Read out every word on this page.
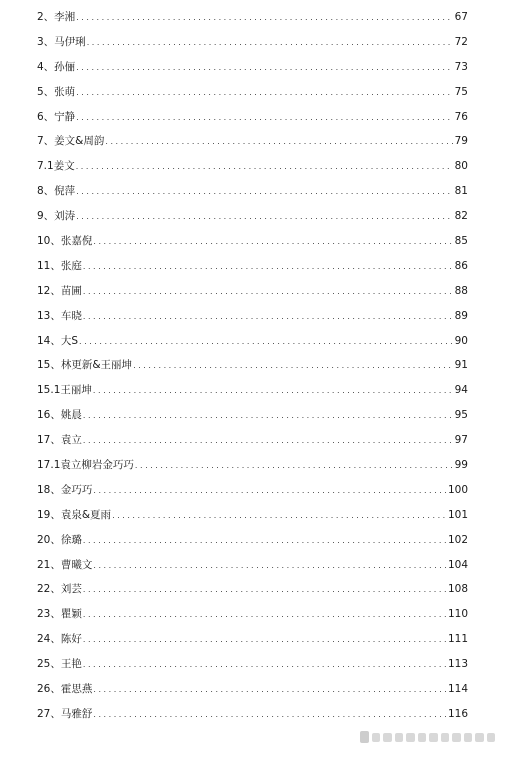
2、李湘 . . .	67
3、马伊琍 . . .	72
4、孙俪 . . .	73
5、张萌 . . .	75
6、宁静 . . .	76
7、姜文&周韵 . . .	79
7.1姜文 . . .	80
8、倪萍 . . .	81
9、刘涛 . . .	82
10、张嘉倪 . . .	85
11、张庭 . . .	86
12、苗圃 . . .	88
13、车晓 . . .	89
14、大S . . .	90
15、林更新&王丽坤 . . .	91
15.1王丽坤 . . .	94
16、姚晨 . . .	95
17、袁立 . . .	97
17.1袁立柳岩金巧巧 . . .	99
18、金巧巧 . . .	100
19、袁泉&夏雨 . . .	101
20、徐璐 . . .	102
21、曹曦文 . . .	104
22、刘芸 . . .	108
23、瞿颖 . . .	110
24、陈好 . . .	111
25、王艳 . . .	113
26、霍思燕 . . .	114
27、马雅舒 . . .	116
